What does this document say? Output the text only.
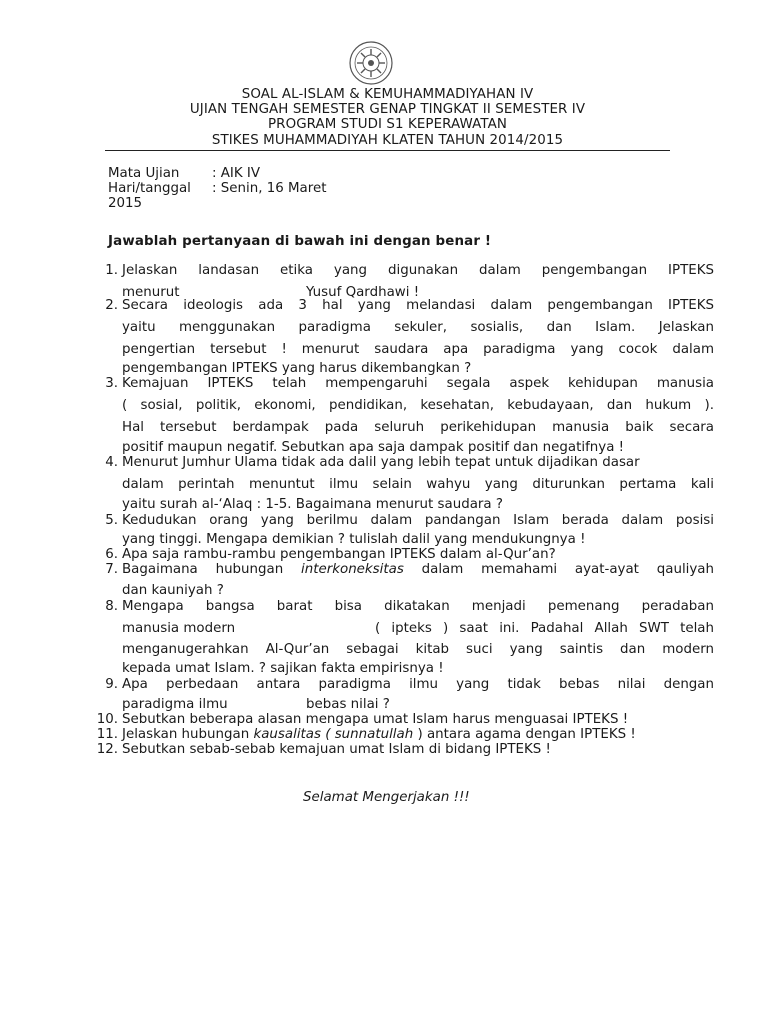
SOAL AL-ISLAM & KEMUHAMMADIYAHAN IV
UJIAN TENGAH SEMESTER GENAP TINGKAT II SEMESTER IV
PROGRAM STUDI S1 KEPERAWATAN
STIKES MUHAMMADIYAH KLATEN TAHUN 2014/2015
Mata Ujian : AIK IV
Hari/tanggal : Senin, 16 Maret
2015
Jawablah pertanyaan di bawah ini dengan benar !
1. Jelaskan landasan etika yang digunakan dalam pengembangan IPTEKS
menurut	Yusuf Qardhawi !
2. Secara ideologis ada 3 hal yang melandasi dalam pengembangan IPTEKS
yaitu menggunakan paradigma sekuler, sosialis, dan Islam. Jelaskan
pengertian tersebut ! menurut saudara apa paradigma yang cocok dalam
pengembangan IPTEKS yang harus dikembangkan ?
3. Kemajuan IPTEKS telah mempengaruhi segala aspek kehidupan manusia
( sosial, politik, ekonomi, pendidikan, kesehatan, kebudayaan, dan hukum ).
Hal tersebut berdampak pada seluruh perikehidupan manusia baik secara
positif maupun negatif. Sebutkan apa saja dampak positif dan negatifnya !
4. Menurut Jumhur Ulama tidak ada dalil yang lebih tepat untuk dijadikan dasar
dalam perintah menuntut ilmu selain wahyu yang diturunkan pertama kali
yaitu surah al-‘Alaq : 1-5. Bagaimana menurut saudara ?
5. Kedudukan orang yang berilmu dalam pandangan Islam berada dalam posisi
yang tinggi. Mengapa demikian ? tulislah dalil yang mendukungnya !
6. Apa saja rambu-rambu pengembangan IPTEKS dalam al-Qur’an?
7. Bagaimana hubungan interkoneksitas dalam memahami ayat-ayat qauliyah
dan kauniyah ?
8. Mengapa bangsa barat bisa dikatakan menjadi pemenang peradaban
manusia modern	( ipteks ) saat ini. Padahal Allah SWT telah
menganugerahkan Al-Qur’an sebagai kitab suci yang saintis dan modern
kepada umat Islam. ? sajikan fakta empirisnya !
9. Apa perbedaan antara paradigma ilmu yang tidak bebas nilai dengan
paradigma ilmu	bebas nilai ?
10. Sebutkan beberapa alasan mengapa umat Islam harus menguasai IPTEKS !
11. Jelaskan hubungan kausalitas ( sunnatullah ) antara agama dengan IPTEKS !
12. Sebutkan sebab-sebab kemajuan umat Islam di bidang IPTEKS !
Selamat Mengerjakan !!!
